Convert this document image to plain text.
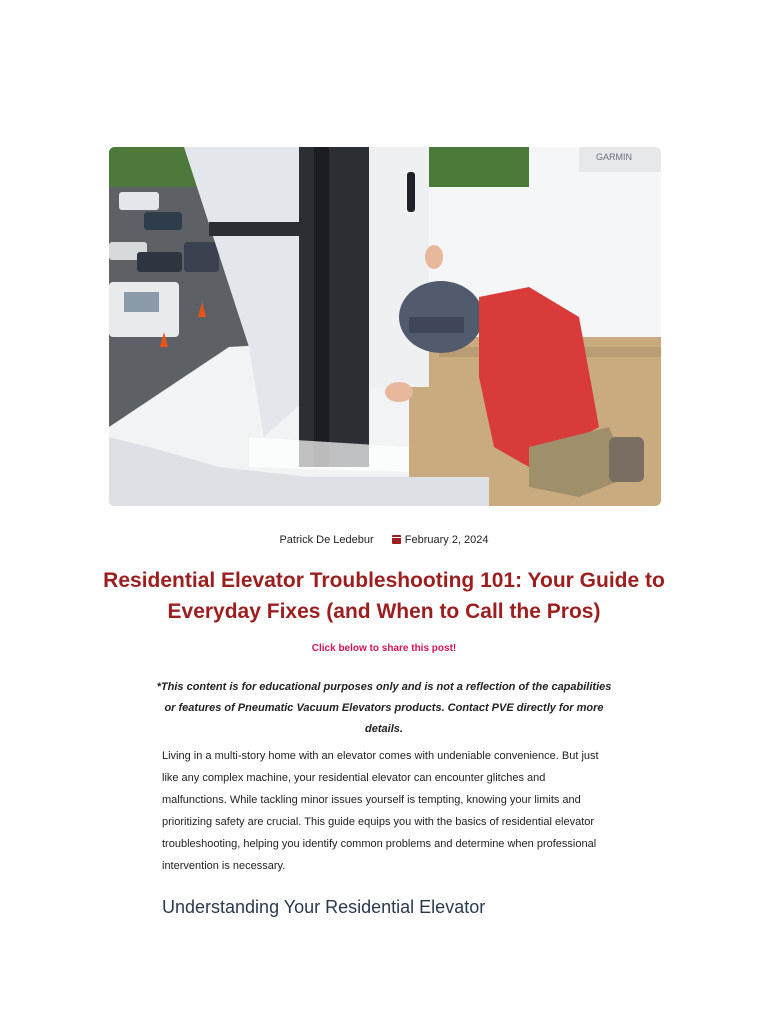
GARMIN
Patrick De Ledebur	February 2, 2024
Residential Elevator Troubleshooting 101: Your Guide to Everyday Fixes (and When to Call the Pros)
Click below to share this post!

*This content is for educational purposes only and is not a reflection of the capabilities or features of Pneumatic Vacuum Elevators products. Contact PVE directly for more details.

Living in a multi-story home with an elevator comes with undeniable convenience. But just like any complex machine, your residential elevator can encounter glitches and malfunctions. While tackling minor issues yourself is tempting, knowing your limits and prioritizing safety are crucial. This guide equips you with the basics of residential elevator troubleshooting, helping you identify common problems and determine when professional intervention is necessary.

Understanding Your Residential Elevator
